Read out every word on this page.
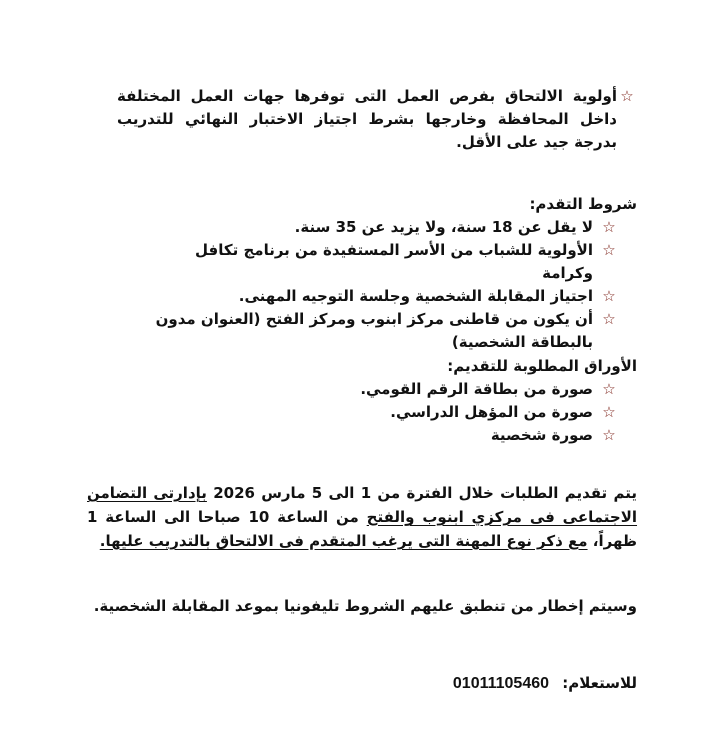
☆
أولوية الالتحاق بفرص العمل التى توفرها جهات العمل المختلفة داخل المحافظة وخارجها بشرط اجتياز الاختبار النهائي للتدريب بدرجة جيد على الأقل.
شروط التقدم:
☆
لا يقل عن 18 سنة، ولا يزيد عن 35 سنة.
☆
الأولوية للشباب من الأسر المستفيدة من برنامج تكافل وكرامة
☆
اجتياز المقابلة الشخصية وجلسة التوجيه المهنى.
☆
أن يكون من قاطنى مركز ابنوب ومركز الفتح (العنوان مدون بالبطاقة الشخصية)
الأوراق المطلوبة للتقديم:
☆
صورة من بطاقة الرقم القومي.
☆
صورة من المؤهل الدراسي.
☆
صورة شخصية
يتم تقديم الطلبات خلال الفترة من 1 الى 5 مارس 2026 بإدارتى التضامن الاجتماعى فى مركزي ابنوب والفتح من الساعة 10 صباحا الى الساعة 1 ظهراً، مع ذكر نوع المهنة التى يرغب المتقدم فى الالتحاق بالتدريب عليها.
وسيتم إخطار من تنطبق عليهم الشروط تليفونيا بموعد المقابلة الشخصية.
للاستعلام: 01011105460
